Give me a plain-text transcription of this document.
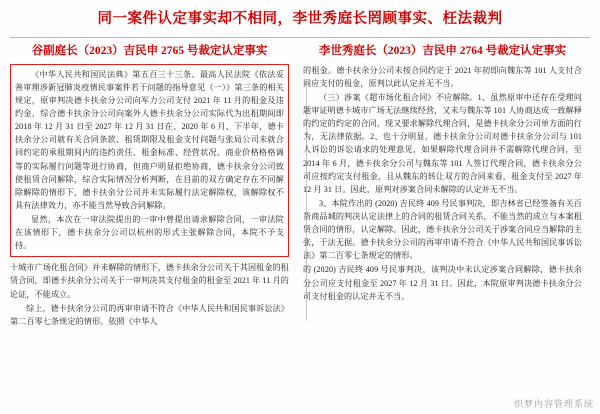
同一案件认定事实却不相同，李世秀庭长罔顾事实、枉法裁判
谷副庭长（2023）吉民申 2765 号裁定认定事实

《中华人民共和国民法典》第五百三十三条、最高人民法院《依法妥善审理涉新冠肺炎疫情民事案件若干问题的指导意见（一）》第三条的相关规定，原审判决德卡扶余分公司向军力公司支付 2021 年 11 月的租金及违约金，综合德卡扶余分公司向案外人德卡扶余分公司实际代为出租期间即 2018 年 12 月 31 日至 2027 年 12 月 31 日在、2020 年 6 月、下半年，德卡扶余分公司就有关合同条款、租赁期限及租金支付问题与张局公司未就合同约定的承租期间内的违约责任、租金标准、经营状况、商业价格格格调等的实际履行问题等进行协商，但商户明显拒绝协商，德卡扶余分公司致使租赁合同解除，综合实际情况分析判断，在目前的双方确定存在不同解除解除的情形下，德卡扶余分公司并未实际履行法定解除权，该解除权不具有法律效力，亦不能当然导致合同解除。

显然，本次在一审法院提出的一审中曾提出请求解除合同，一审法院在该情形下，德卡扶余分公司以杭州的形式主张解除合同，本院不予支持。

十城市广场化租合同》并未解除的情形下，德卡扶余分公司关于其因租金的租赁合同，即德卡扶余分公司关于一审判决其支付租金的租金至 2021 年 11 月的论证，不能成立。

综上，德卡扶余分公司的再审申请不符合《中华人民共和国民事诉讼法》第二百零七条规定的情形。依照《中华人

李世秀庭长（2023）吉民申 2764 号裁定认定事实

的租金。德卡扶余分公司未按合同约定于 2021 年初即向魏东等 101 人支付合同应支付的租金，原判以此认定并无不当。

（三）涉案《超市场化租合同》不应解除。1、虽然原审中还存在受理问题审证明德卡城市广场无法继续经营，又未与魏东等 101 人协商达成一致解释的约定的约定的合同，现又要求解除代理合同，是德卡扶余分公司单方面的行为，无法律依据。2、也十分明显，德卡扶余分公司对德卡扶余分公司与 101 人诉讼的诉讼请求的处理意见，如果解除代理合同并不需解除代理合同，至 2014 年 6 月，德卡扶余分公司与魏东等 101 人签订代理合同，德卡扶余分公司应按约定支付租金，且从魏东的转让双方的合同来看，租金支付至 2027 年 12 月 31 日。因此，原判对涉案合同未解除的认定并无不当。

3、本院作出的 (2020) 吉民终 409 号民事判决，即吉林省已经签备有关百货商品城的判决认定法律上的合同的租赁合同关系，不能当然的成立与本案租赁合同的情形，认定解除。因此，德卡扶余分公司关于涉案合同应当解除的主张，于法无据。德卡扶余分公司的再审申请不符合《中华人民共和国民事诉讼法》第二百零七条规定的情形。

的 (2020) 吉民终 409 号民事判决，该判决中未认定涉案合同解除，德卡扶余分公司应支付租金至 2027 年 12 月 31 日。因此，本院原审判决德卡扶余分公司支付租金的认定并无不当。

织梦内容管理系统
